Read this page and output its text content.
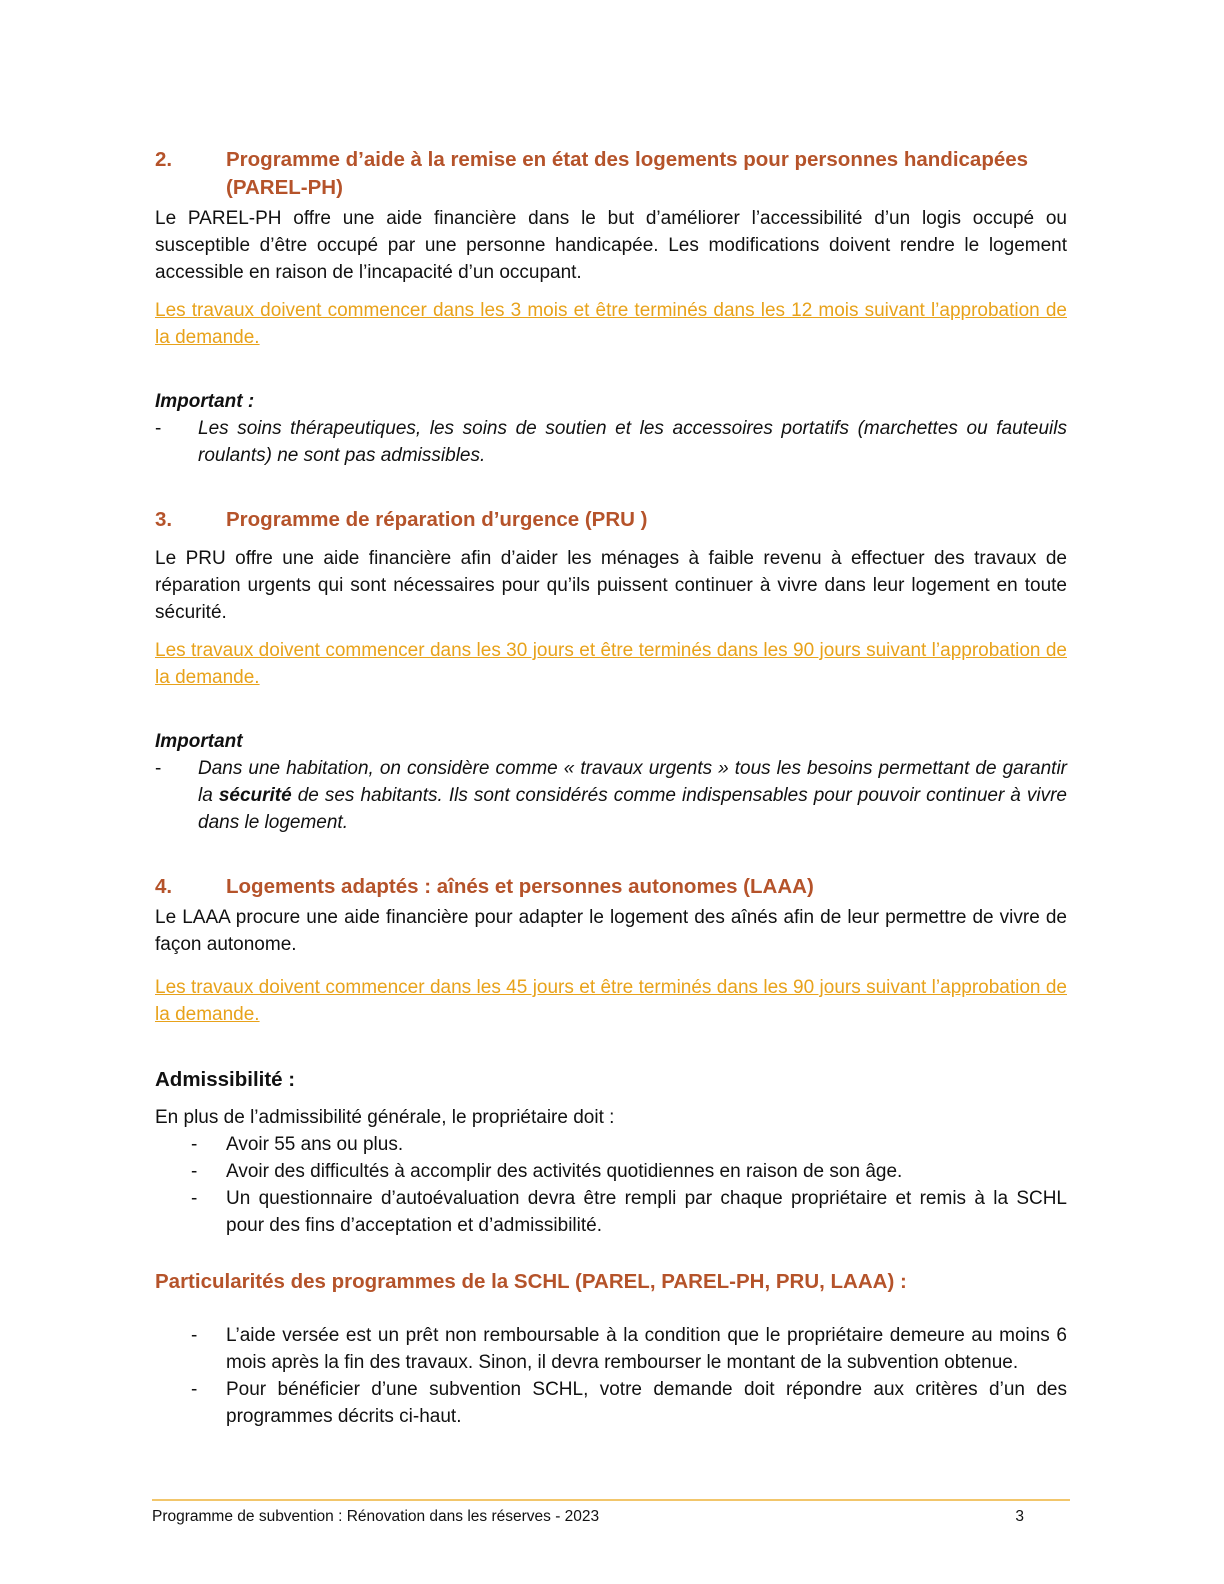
2.	Programme d’aide à la remise en état des logements pour personnes handicapées
(PAREL-PH)

Le PAREL-PH offre une aide financière dans le but d’améliorer l’accessibilité d’un logis occupé ou susceptible d’être occupé par une personne handicapée. Les modifications doivent rendre le logement accessible en raison de l’incapacité d’un occupant.

Les travaux doivent commencer dans les 3 mois et être terminés dans les 12 mois suivant l’approbation de la demande.

Important :

-	Les soins thérapeutiques, les soins de soutien et les accessoires portatifs (marchettes ou fauteuils roulants) ne sont pas admissibles.
3.	Programme de réparation d’urgence (PRU )

Le PRU offre une aide financière afin d’aider les ménages à faible revenu à effectuer des travaux de réparation urgents qui sont nécessaires pour qu’ils puissent continuer à vivre dans leur logement en toute sécurité.

Les travaux doivent commencer dans les 30 jours et être terminés dans les 90 jours suivant l’approbation de la demande.

Important

-	Dans une habitation, on considère comme « travaux urgents » tous les besoins permettant de garantir la sécurité de ses habitants. Ils sont considérés comme indispensables pour pouvoir continuer à vivre dans le logement.
4.	Logements adaptés : aînés et personnes autonomes (LAAA)

Le LAAA procure une aide financière pour adapter le logement des aînés afin de leur permettre de vivre de façon autonome.

Les travaux doivent commencer dans les 45 jours et être terminés dans les 90 jours suivant l’approbation de la demande.

Admissibilité :

En plus de l’admissibilité générale, le propriétaire doit :

-	Avoir 55 ans ou plus.
-	Avoir des difficultés à accomplir des activités quotidiennes en raison de son âge.
-	Un questionnaire d’autoévaluation devra être rempli par chaque propriétaire et remis à la SCHL pour des fins d’acceptation et d’admissibilité.

Particularités des programmes de la SCHL (PAREL, PAREL-PH, PRU, LAAA) :

-	L’aide versée est un prêt non remboursable à la condition que le propriétaire demeure au moins 6 mois après la fin des travaux. Sinon, il devra rembourser le montant de la subvention obtenue.
-	Pour bénéficier d’une subvention SCHL, votre demande doit répondre aux critères d’un des programmes décrits ci-haut.
Programme de subvention : Rénovation dans les réserves - 2023	3
